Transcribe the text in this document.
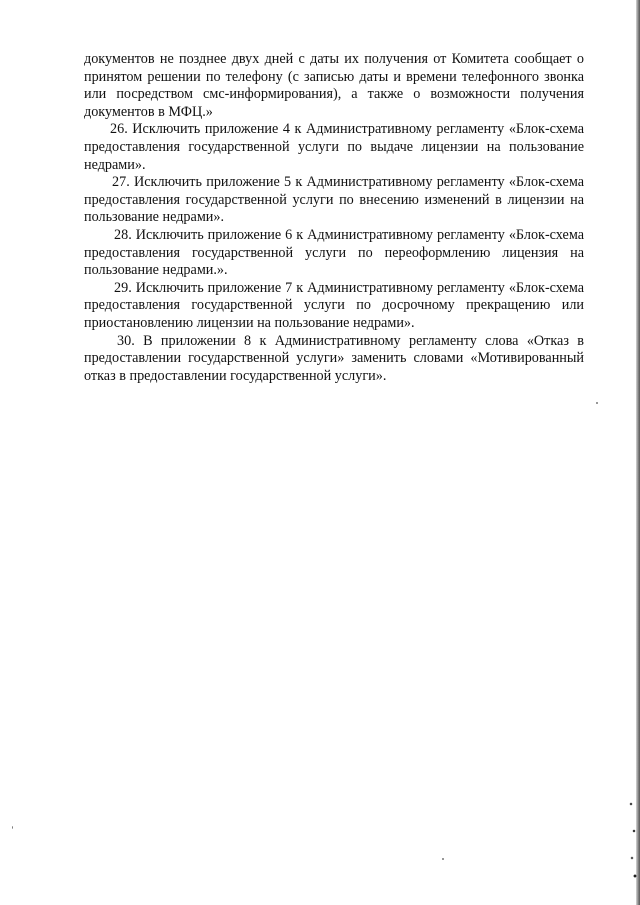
документов не позднее двух дней с даты их получения от Комитета сообщает о принятом решении по телефону (с записью даты и времени телефонного звонка или посредством смс-информирования), а также о возможности получения документов в МФЦ.»

26. Исключить приложение 4 к Административному регламенту «Блок-схема предоставления государственной услуги по выдаче лицензии на пользование недрами».

27. Исключить приложение 5 к Административному регламенту «Блок-схема предоставления государственной услуги по внесению изменений в лицензии на пользование недрами».

28. Исключить приложение 6 к Административному регламенту «Блок-схема предоставления государственной услуги по переоформлению лицензия на пользование недрами.».

29. Исключить приложение 7 к Административному регламенту «Блок-схема предоставления государственной услуги по досрочному прекращению или приостановлению лицензии на пользование недрами».

30. В приложении 8 к Административному регламенту слова «Отказ в предоставлении государственной услуги» заменить словами «Мотивированный отказ в предоставлении государственной услуги».
